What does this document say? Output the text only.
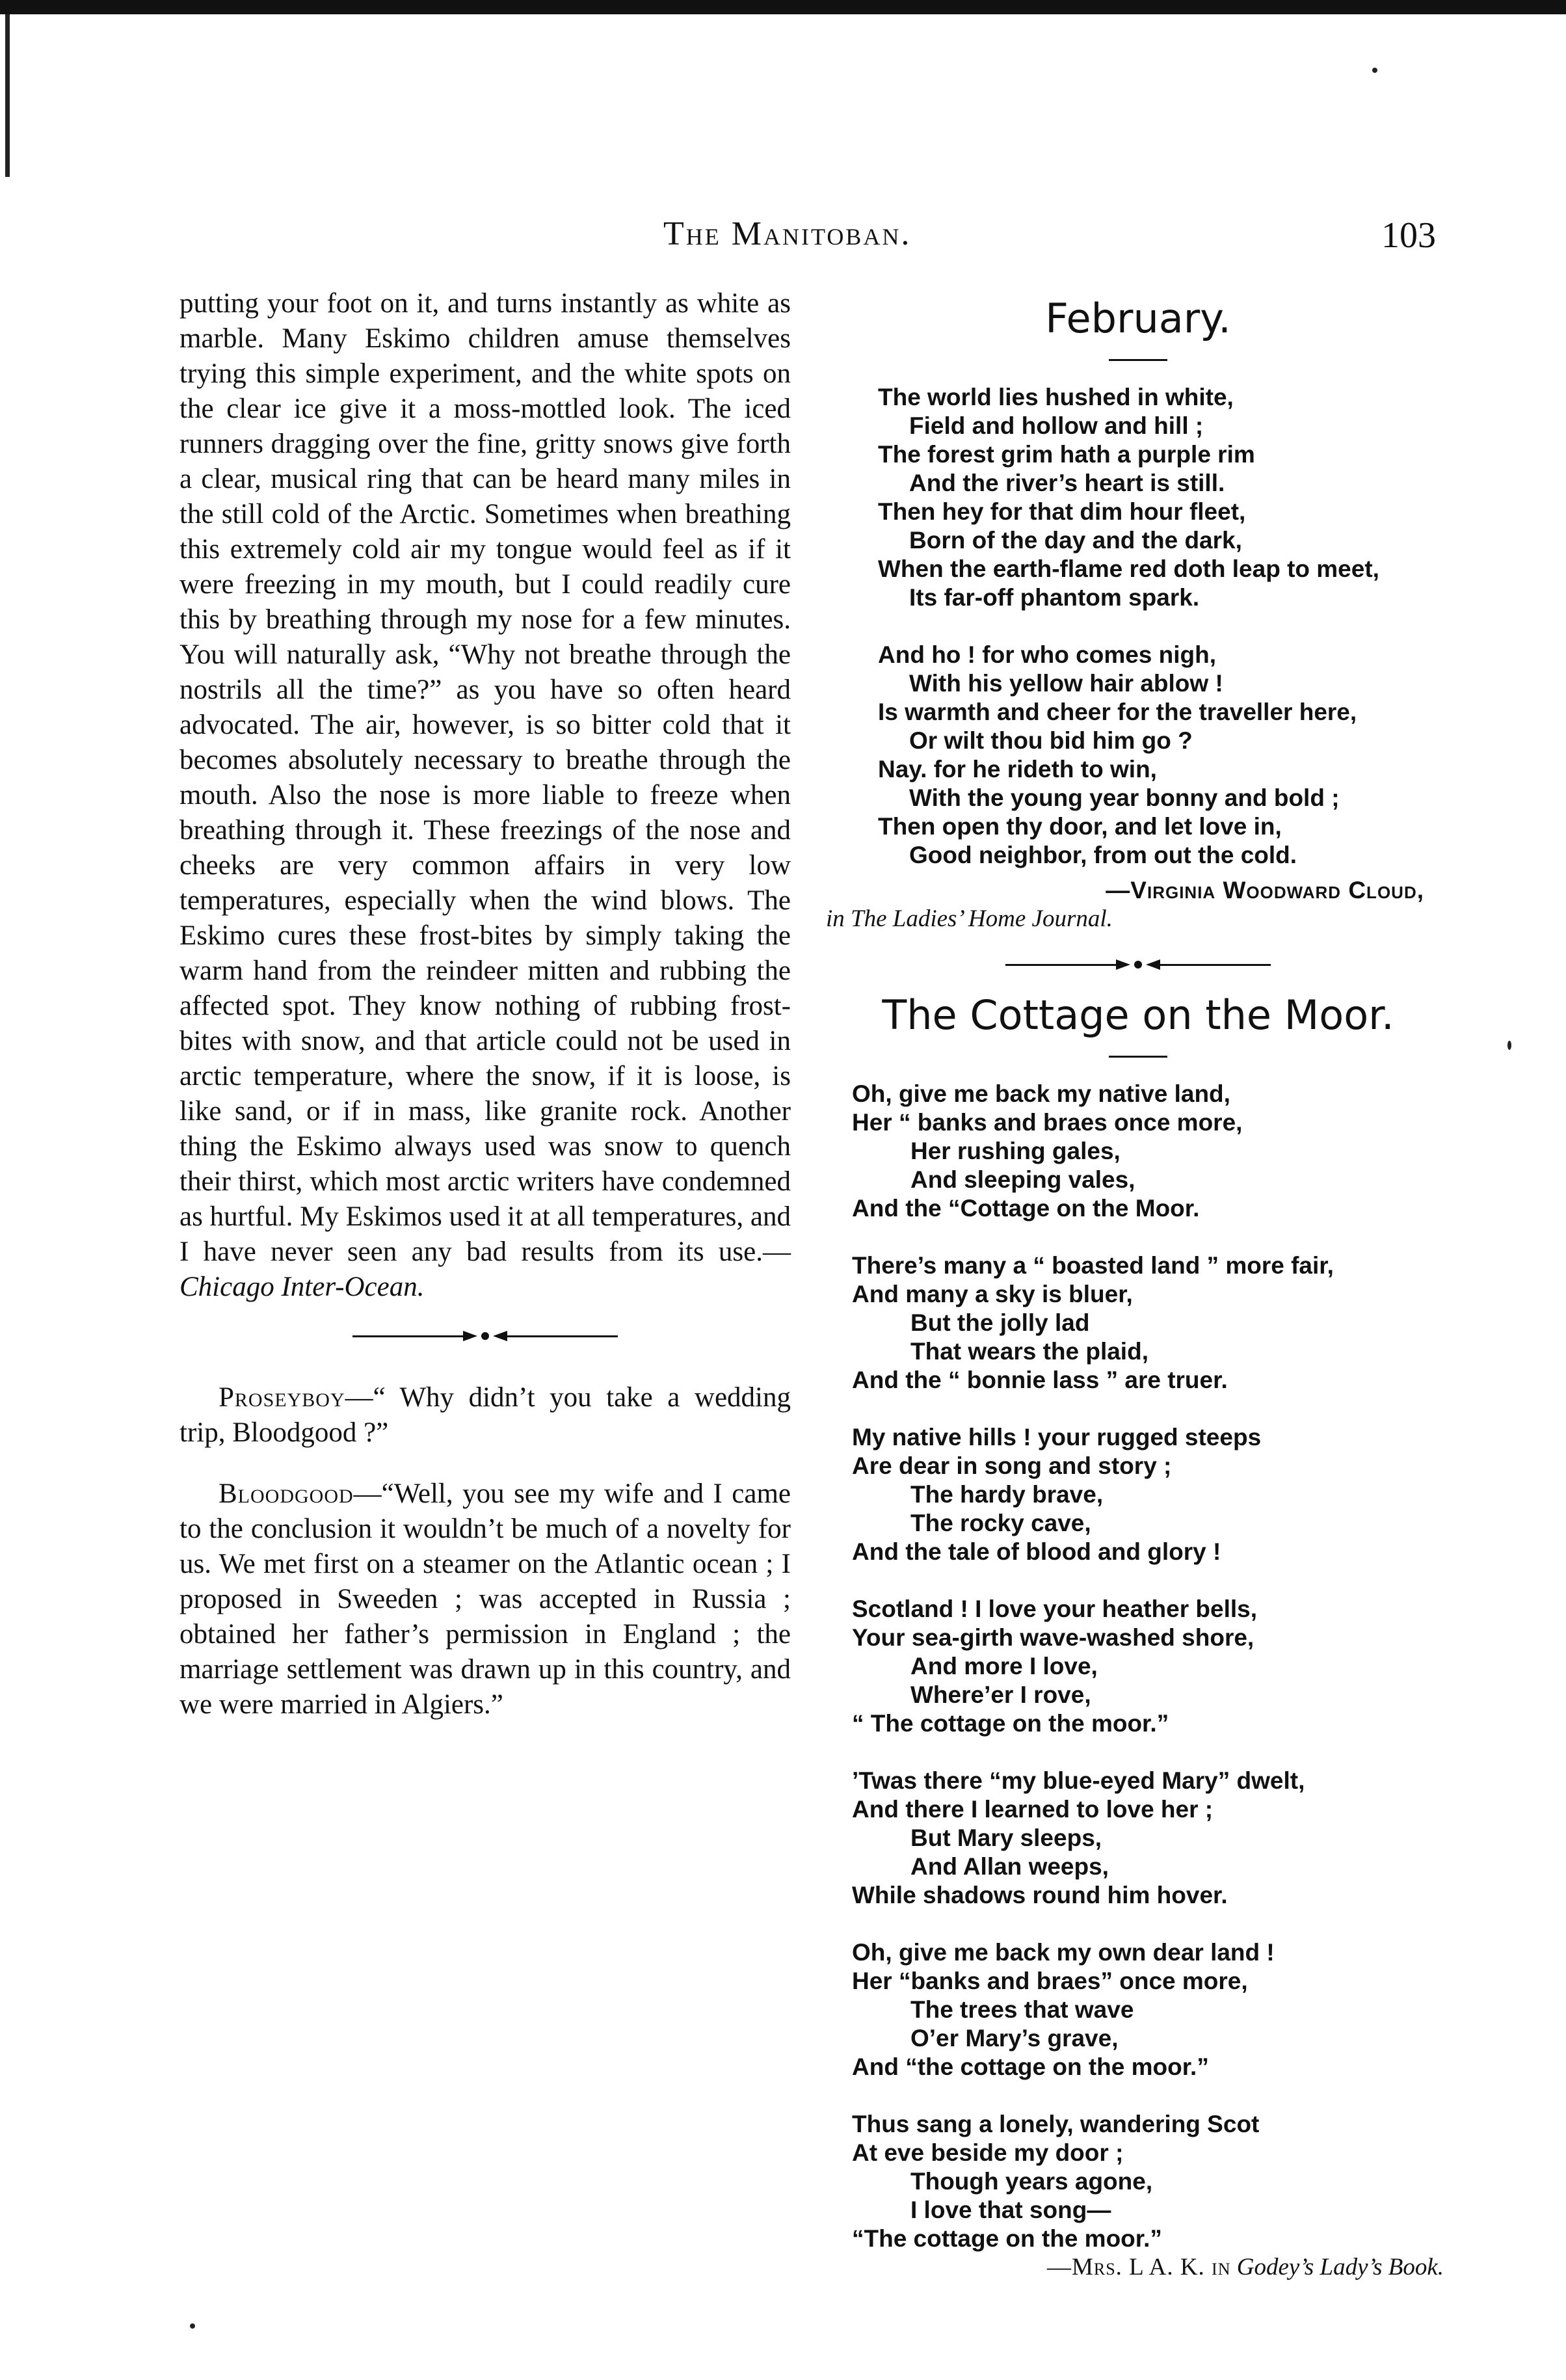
The Manitoban.	103

putting your foot on it, and turns instantly as white as marble. Many Eskimo children amuse themselves trying this simple experiment, and the white spots on the clear ice give it a moss-mottled look. The iced runners dragging over the fine, gritty snows give forth a clear, musical ring that can be heard many miles in the still cold of the Arctic. Sometimes when breathing this extremely cold air my tongue would feel as if it were freezing in my mouth, but I could readily cure this by breathing through my nose for a few minutes. You will naturally ask, “Why not breathe through the nostrils all the time?” as you have so often heard advocated. The air, however, is so bitter cold that it becomes absolutely necessary to breathe through the mouth. Also the nose is more liable to freeze when breathing through it. These freezings of the nose and cheeks are very common affairs in very low temperatures, especially when the wind blows. The Eskimo cures these frost-bites by simply taking the warm hand from the reindeer mitten and rubbing the affected spot. They know nothing of rubbing frost-bites with snow, and that article could not be used in arctic temperature, where the snow, if it is loose, is like sand, or if in mass, like granite rock. Another thing the Eskimo always used was snow to quench their thirst, which most arctic writers have condemned as hurtful. My Eskimos used it at all temperatures, and I have never seen any bad results from its use.—Chicago Inter-Ocean.

Proseyboy—“ Why didn’t you take a wedding trip, Bloodgood ?”

Bloodgood—“Well, you see my wife and I came to the conclusion it wouldn’t be much of a novelty for us. We met first on a steamer on the Atlantic ocean ; I proposed in Sweeden ; was accepted in Russia ; obtained her father’s permission in England ; the marriage settlement was drawn up in this country, and we were married in Algiers.”

February.
The world lies hushed in white,
Field and hollow and hill ;
The forest grim hath a purple rim
And the river’s heart is still.
Then hey for that dim hour fleet,
Born of the day and the dark,
When the earth-flame red doth leap to meet,
Its far-off phantom spark.
And ho ! for who comes nigh,
With his yellow hair ablow !
Is warmth and cheer for the traveller here,
Or wilt thou bid him go ?
Nay. for he rideth to win,
With the young year bonny and bold ;
Then open thy door, and let love in,
Good neighbor, from out the cold.
—Virginia Woodward Cloud,
in The Ladies’ Home Journal.
The Cottage on the Moor.
Oh, give me back my native land,
Her “ banks and braes once more,
Her rushing gales,
And sleeping vales,
And the “Cottage on the Moor.
There’s many a “ boasted land ” more fair,
And many a sky is bluer,
But the jolly lad
That wears the plaid,
And the “ bonnie lass ” are truer.
My native hills ! your rugged steeps
Are dear in song and story ;
The hardy brave,
The rocky cave,
And the tale of blood and glory !
Scotland ! I love your heather bells,
Your sea-girth wave-washed shore,
And more I love,
Where’er I rove,
“ The cottage on the moor.”
’Twas there “my blue-eyed Mary” dwelt,
And there I learned to love her ;
But Mary sleeps,
And Allan weeps,
While shadows round him hover.
Oh, give me back my own dear land !
Her “banks and braes” once more,
The trees that wave
O’er Mary’s grave,
And “the cottage on the moor.”
Thus sang a lonely, wandering Scot
At eve beside my door ;
Though years agone,
I love that song—
“The cottage on the moor.”
—Mrs. L A. K. in Godey’s Lady’s Book.
